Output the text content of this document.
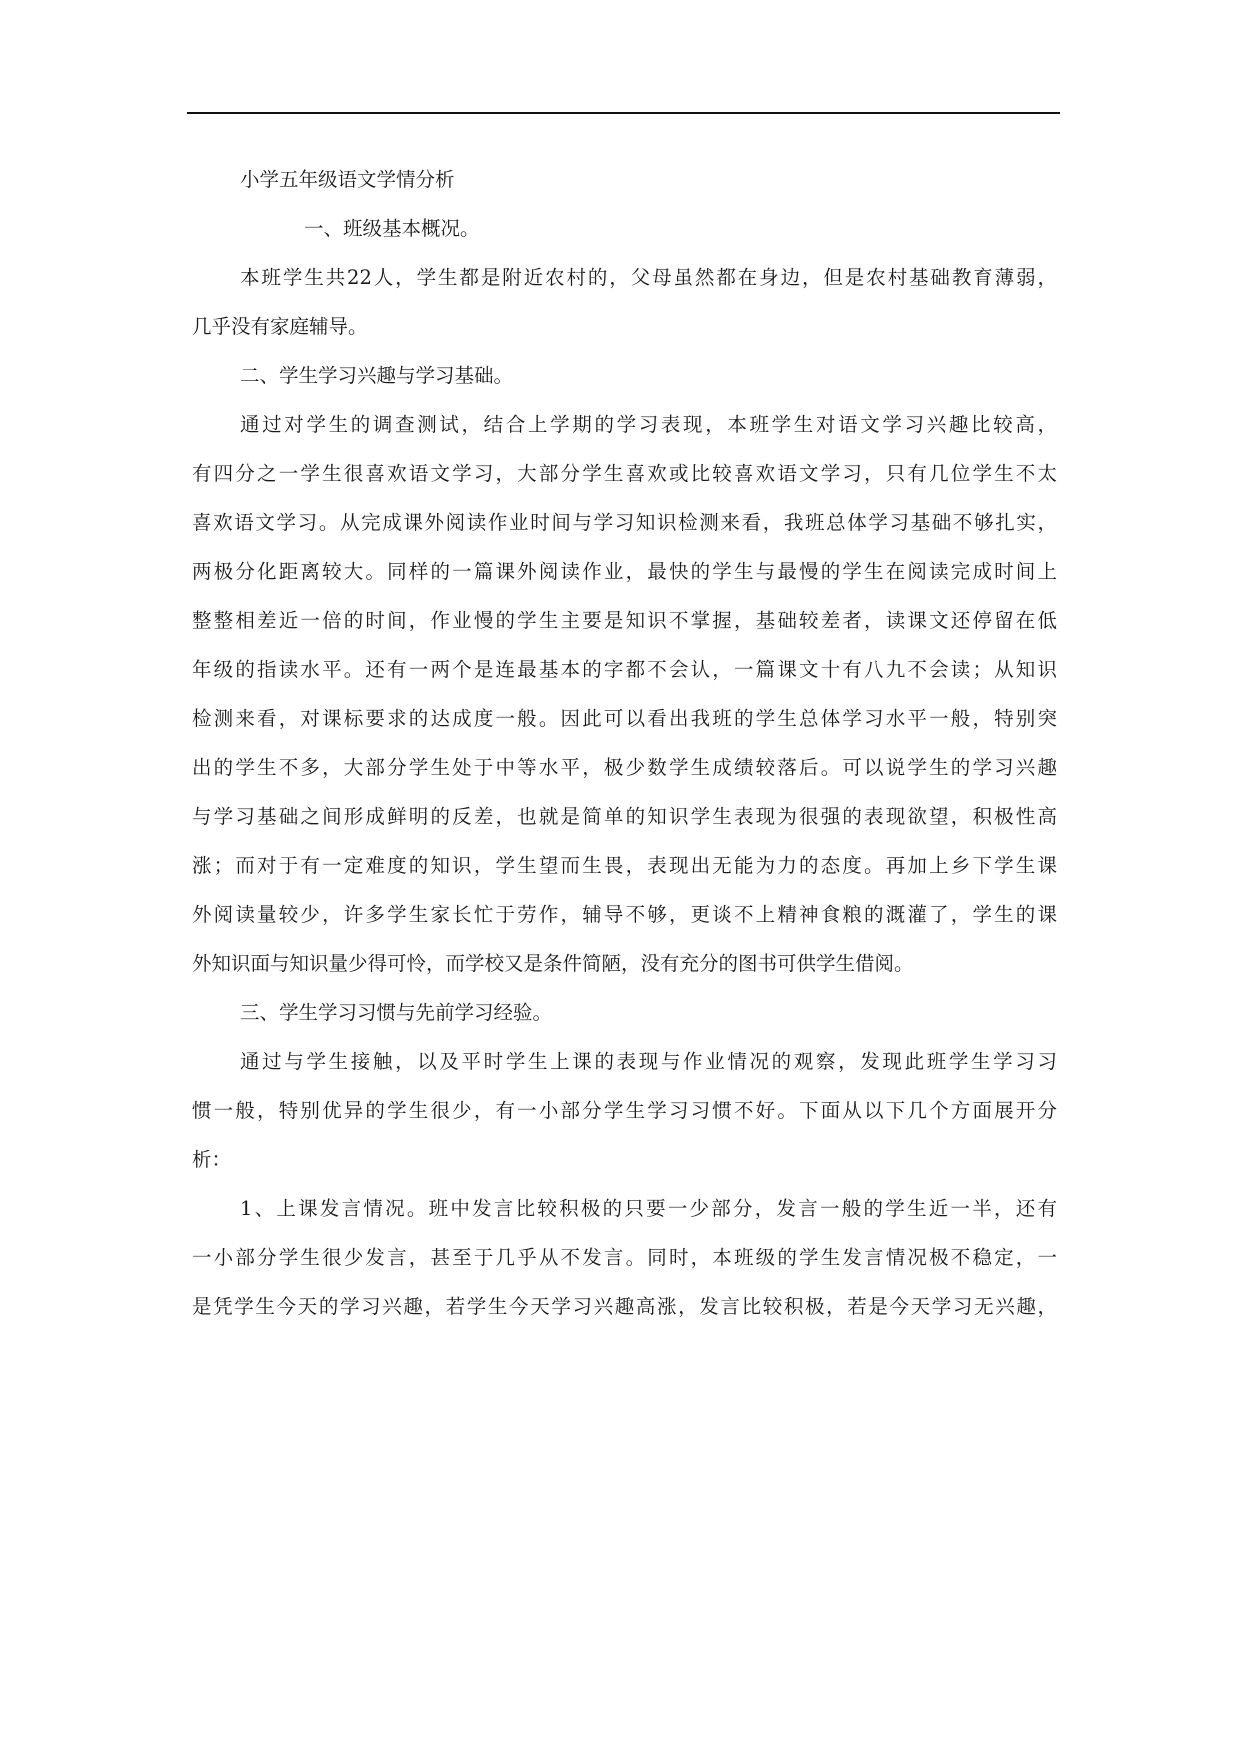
小学五年级语文学情分析
一、班级基本概况。
本班学生共22人，学生都是附近农村的，父母虽然都在身边，但是农村基础教育薄弱，
几乎没有家庭辅导。
二、学生学习兴趣与学习基础。
通过对学生的调查测试，结合上学期的学习表现，本班学生对语文学习兴趣比较高，
有四分之一学生很喜欢语文学习，大部分学生喜欢或比较喜欢语文学习，只有几位学生不太
喜欢语文学习。从完成课外阅读作业时间与学习知识检测来看，我班总体学习基础不够扎实，
两极分化距离较大。同样的一篇课外阅读作业，最快的学生与最慢的学生在阅读完成时间上
整整相差近一倍的时间，作业慢的学生主要是知识不掌握，基础较差者，读课文还停留在低
年级的指读水平。还有一两个是连最基本的字都不会认，一篇课文十有八九不会读；从知识
检测来看，对课标要求的达成度一般。因此可以看出我班的学生总体学习水平一般，特别突
出的学生不多，大部分学生处于中等水平，极少数学生成绩较落后。可以说学生的学习兴趣
与学习基础之间形成鲜明的反差，也就是简单的知识学生表现为很强的表现欲望，积极性高
涨；而对于有一定难度的知识，学生望而生畏，表现出无能为力的态度。再加上乡下学生课
外阅读量较少，许多学生家长忙于劳作，辅导不够，更谈不上精神食粮的溉灌了，学生的课
外知识面与知识量少得可怜，而学校又是条件简陋，没有充分的图书可供学生借阅。
三、学生学习习惯与先前学习经验。
通过与学生接触，以及平时学生上课的表现与作业情况的观察，发现此班学生学习习
惯一般，特别优异的学生很少，有一小部分学生学习习惯不好。下面从以下几个方面展开分
析：
1、上课发言情况。班中发言比较积极的只要一少部分，发言一般的学生近一半，还有
一小部分学生很少发言，甚至于几乎从不发言。同时，本班级的学生发言情况极不稳定，一
是凭学生今天的学习兴趣，若学生今天学习兴趣高涨，发言比较积极，若是今天学习无兴趣，
